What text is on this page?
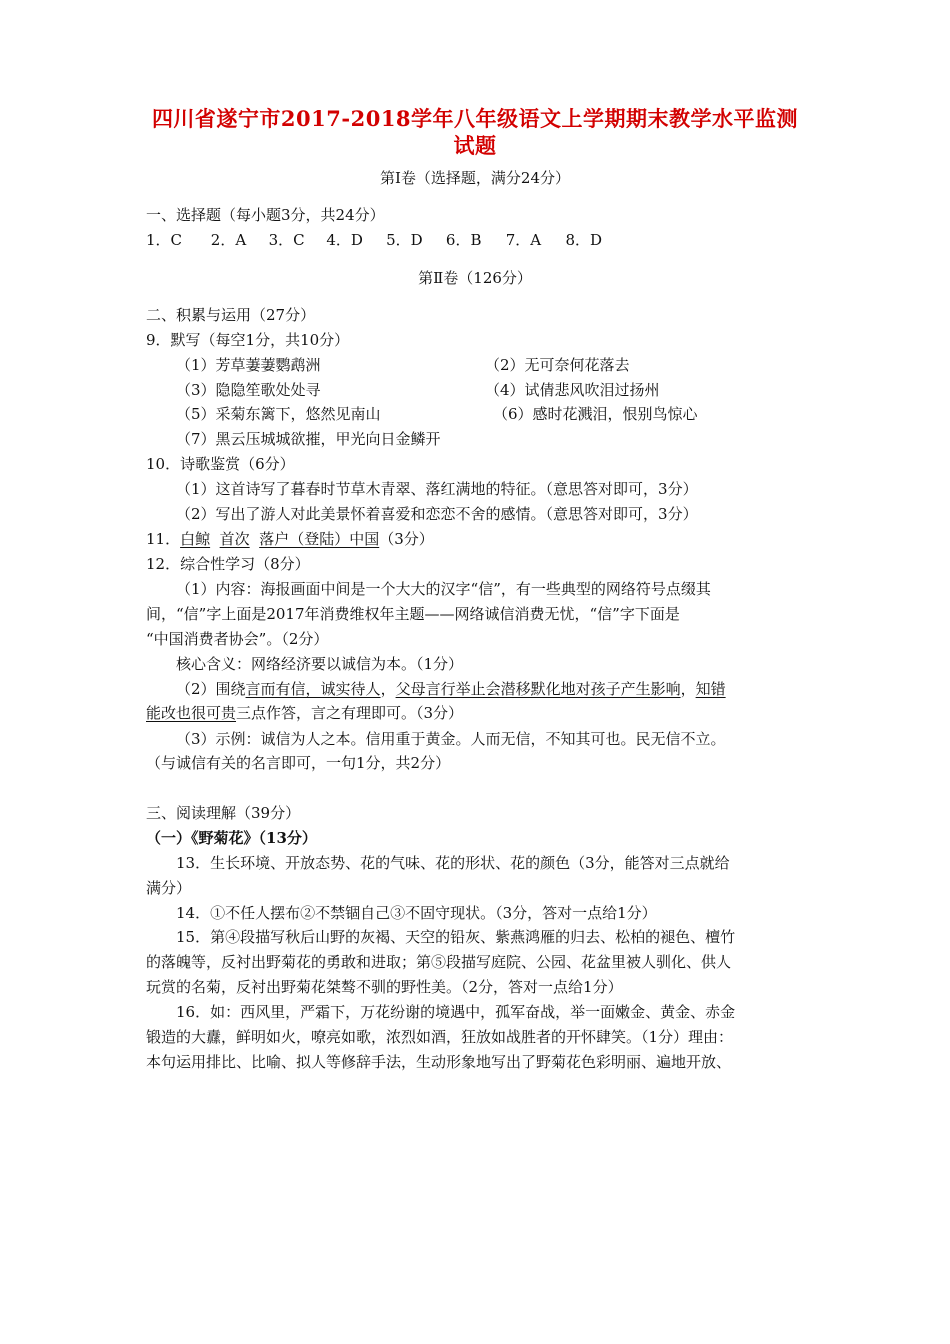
四川省遂宁市2017-2018学年八年级语文上学期期末教学水平监测
试题
第Ⅰ卷（选择题，满分24分）
一、选择题（每小题3分，共24分）
1．C 2．A 3．C 4．D 5．D 6．B 7．A 8．D
第Ⅱ卷（126分）
二、积累与运用（27分）
9．默写（每空1分，共10分）
（1）芳草萋萋鹦鹉洲	（2）无可奈何花落去
（3）隐隐笙歌处处寻	（4）试倩悲风吹泪过扬州
（5）采菊东篱下，悠然见南山	（6）感时花溅泪，恨别鸟惊心
（7）黑云压城城欲摧，甲光向日金鳞开
10．诗歌鉴赏（6分）
（1）这首诗写了暮春时节草木青翠、落红满地的特征。（意思答对即可，3分）
（2）写出了游人对此美景怀着喜爱和恋恋不舍的感情。（意思答对即可，3分）
11．白鲸 首次 落户（登陆）中国（3分）
12．综合性学习（8分）
（1）内容：海报画面中间是一个大大的汉字“信”，有一些典型的网络符号点缀其
间，“信”字上面是2017年消费维权年主题——网络诚信消费无忧，“信”字下面是
“中国消费者协会”。（2分）
核心含义：网络经济要以诚信为本。（1分）
（2）围绕言而有信，诚实待人，父母言行举止会潜移默化地对孩子产生影响，知错
能改也很可贵三点作答，言之有理即可。（3分）
（3）示例：诚信为人之本。信用重于黄金。人而无信，不知其可也。民无信不立。
（与诚信有关的名言即可，一句1分，共2分）
三、阅读理解（39分）
（一）《野菊花》（13分）
13．生长环境、开放态势、花的气味、花的形状、花的颜色（3分，能答对三点就给
满分）
14．①不任人摆布②不禁锢自己③不固守现状。（3分，答对一点给1分）
15．第④段描写秋后山野的灰褐、天空的铅灰、紫燕鸿雁的归去、松柏的褪色、檀竹
的落魄等，反衬出野菊花的勇敢和进取；第⑤段描写庭院、公园、花盆里被人驯化、供人
玩赏的名菊，反衬出野菊花桀骜不驯的野性美。（2分，答对一点给1分）
16．如：西风里，严霜下，万花纷谢的境遇中，孤军奋战，举一面嫩金、黄金、赤金
锻造的大纛，鲜明如火，嘹亮如歌，浓烈如酒，狂放如战胜者的开怀肆笑。（1分）理由：
本句运用排比、比喻、拟人等修辞手法，生动形象地写出了野菊花色彩明丽、遍地开放、
